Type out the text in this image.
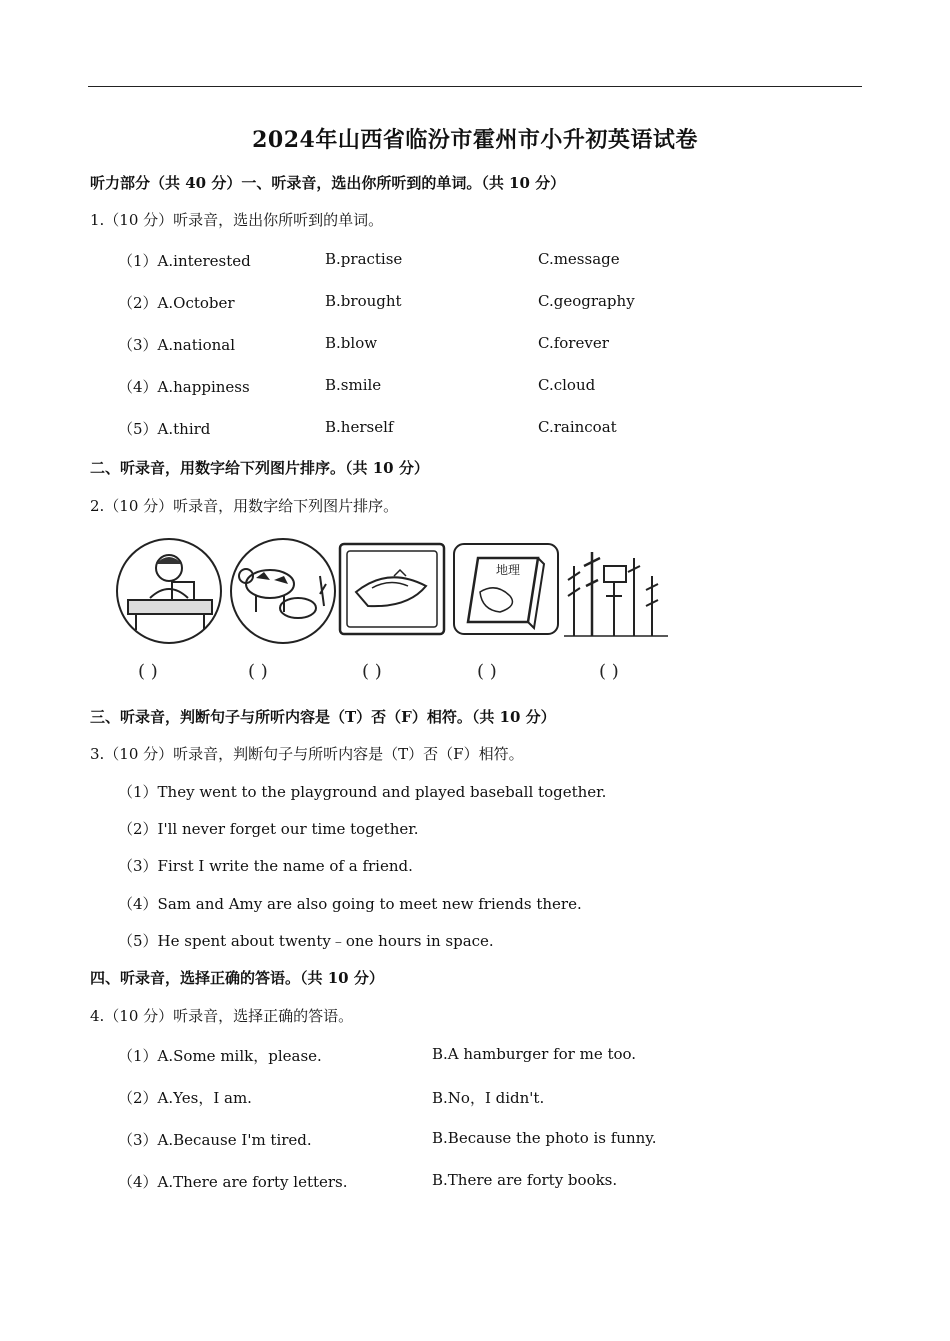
2024年山西省临汾市霍州市小升初英语试卷
听力部分（共 40 分）一、听录音，选出你所听到的单词。（共 10 分）
1.（10 分）听录音，选出你所听到的单词。
（1）A.interested	B.practise	C.message
（2）A.October	B.brought	C.geography
（3）A.national	B.blow	C.forever
（4）A.happiness	B.smile	C.cloud
（5）A.third	B.herself	C.raincoat
二、听录音，用数字给下列图片排序。（共 10 分）
2.（10 分）听录音，用数字给下列图片排序。
地理
( )	( )	( )	( )	( )
三、听录音，判断句子与所听内容是（T）否（F）相符。（共 10 分）
3.（10 分）听录音，判断句子与所听内容是（T）否（F）相符。
（1）They went to the playground and played baseball together.
（2）I'll never forget our time together.
（3）First I write the name of a friend.
（4）Sam and Amy are also going to meet new friends there.
（5）He spent about twenty﹣one hours in space.
四、听录音，选择正确的答语。（共 10 分）
4.（10 分）听录音，选择正确的答语。
（1）A.Some milk，please.	B.A hamburger for me too.
（2）A.Yes，I am.	B.No，I didn't.
（3）A.Because I'm tired.	B.Because the photo is funny.
（4）A.There are forty letters.	B.There are forty books.
